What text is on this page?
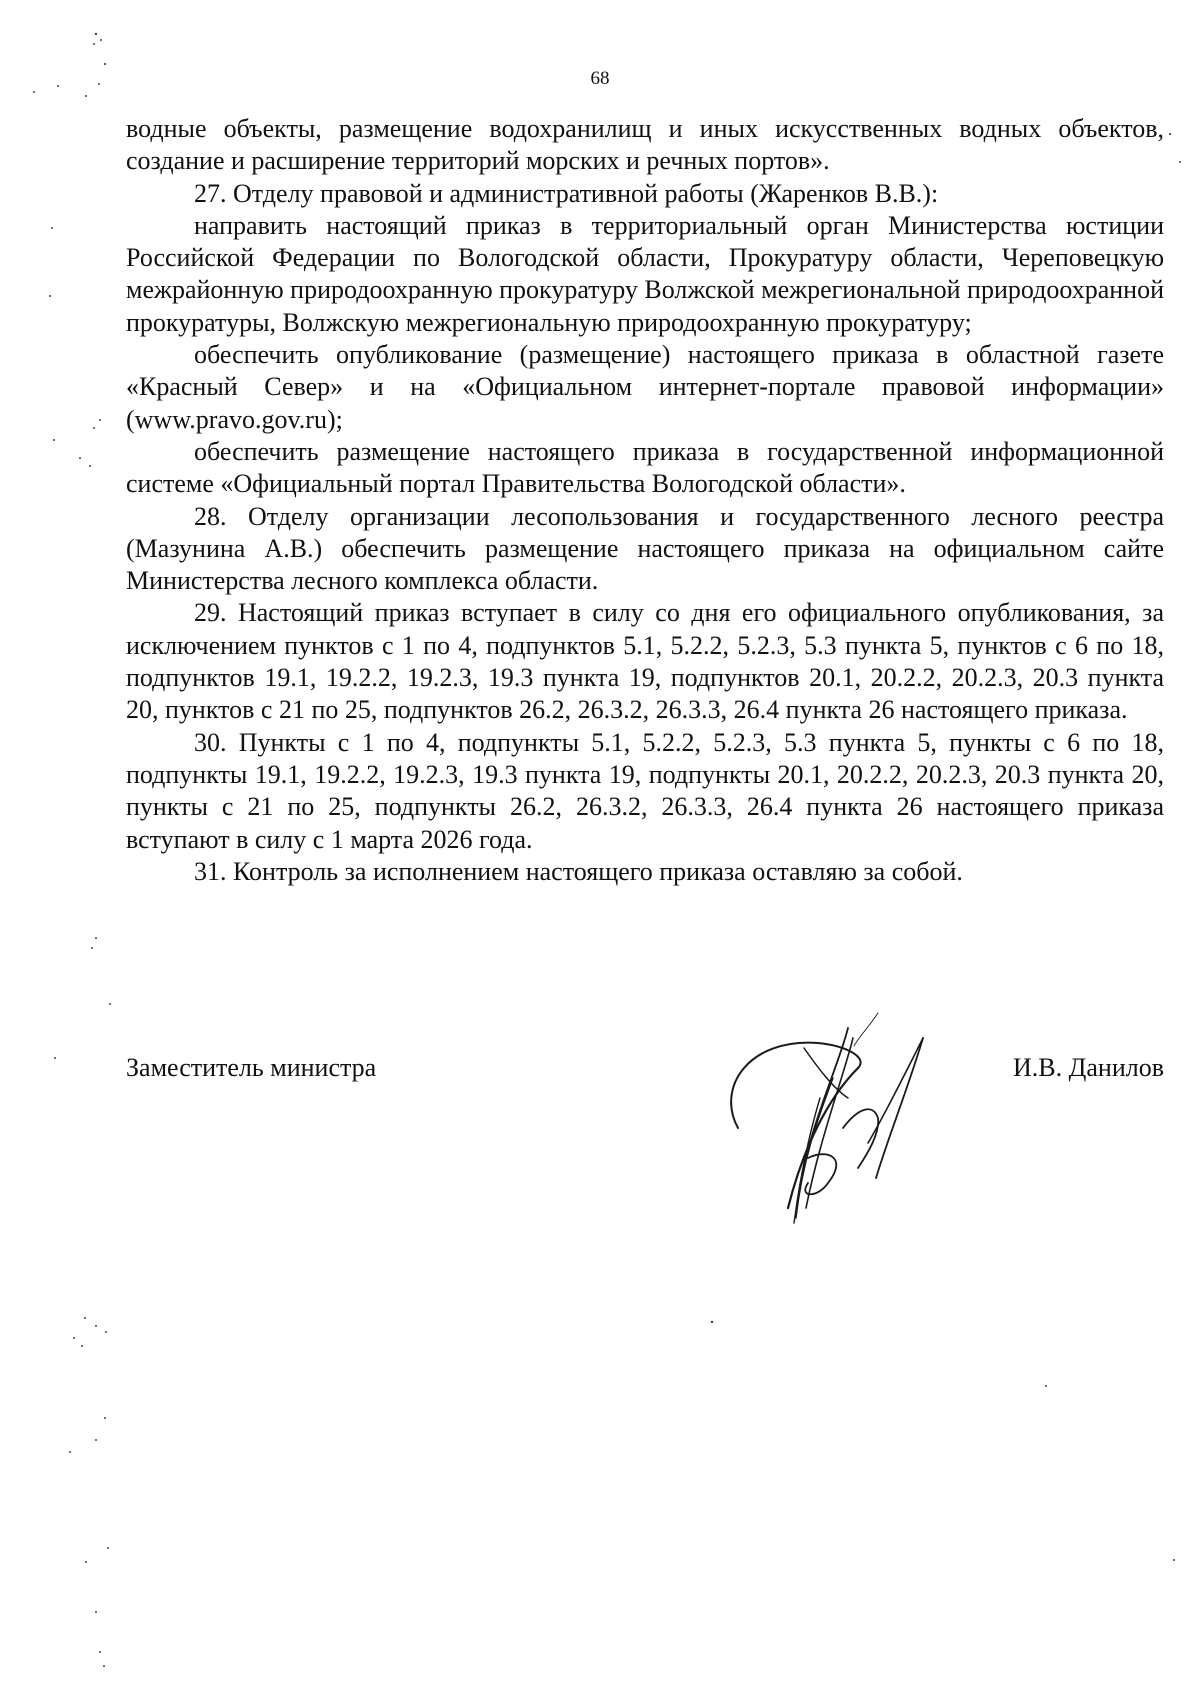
68

водные объекты, размещение водохранилищ и иных искусственных водных объектов, создание и расширение территорий морских и речных портов».

27. Отделу правовой и административной работы (Жаренков В.В.):

направить настоящий приказ в территориальный орган Министерства юстиции Российской Федерации по Вологодской области, Прокуратуру области, Череповецкую межрайонную природоохранную прокуратуру Волжской межрегиональной природоохранной прокуратуры, Волжскую межрегиональную природоохранную прокуратуру;

обеспечить опубликование (размещение) настоящего приказа в областной газете «Красный Север» и на «Официальном интернет-портале правовой информации» (www.pravo.gov.ru);

обеспечить размещение настоящего приказа в государственной информационной системе «Официальный портал Правительства Вологодской области».

28. Отделу организации лесопользования и государственного лесного реестра (Мазунина А.В.) обеспечить размещение настоящего приказа на официальном сайте Министерства лесного комплекса области.

29. Настоящий приказ вступает в силу со дня его официального опубликования, за исключением пунктов с 1 по 4, подпунктов 5.1, 5.2.2, 5.2.3, 5.3 пункта 5, пунктов с 6 по 18, подпунктов 19.1, 19.2.2, 19.2.3, 19.3 пункта 19, подпунктов 20.1, 20.2.2, 20.2.3, 20.3 пункта 20, пунктов с 21 по 25, подпунктов 26.2, 26.3.2, 26.3.3, 26.4 пункта 26 настоящего приказа.

30. Пункты с 1 по 4, подпункты 5.1, 5.2.2, 5.2.3, 5.3 пункта 5, пункты с 6 по 18, подпункты 19.1, 19.2.2, 19.2.3, 19.3 пункта 19, подпункты 20.1, 20.2.2, 20.2.3, 20.3 пункта 20, пункты с 21 по 25, подпункты 26.2, 26.3.2, 26.3.3, 26.4 пункта 26 настоящего приказа вступают в силу с 1 марта 2026 года.

31. Контроль за исполнением настоящего приказа оставляю за собой.

Заместитель министра	И.В. Данилов
